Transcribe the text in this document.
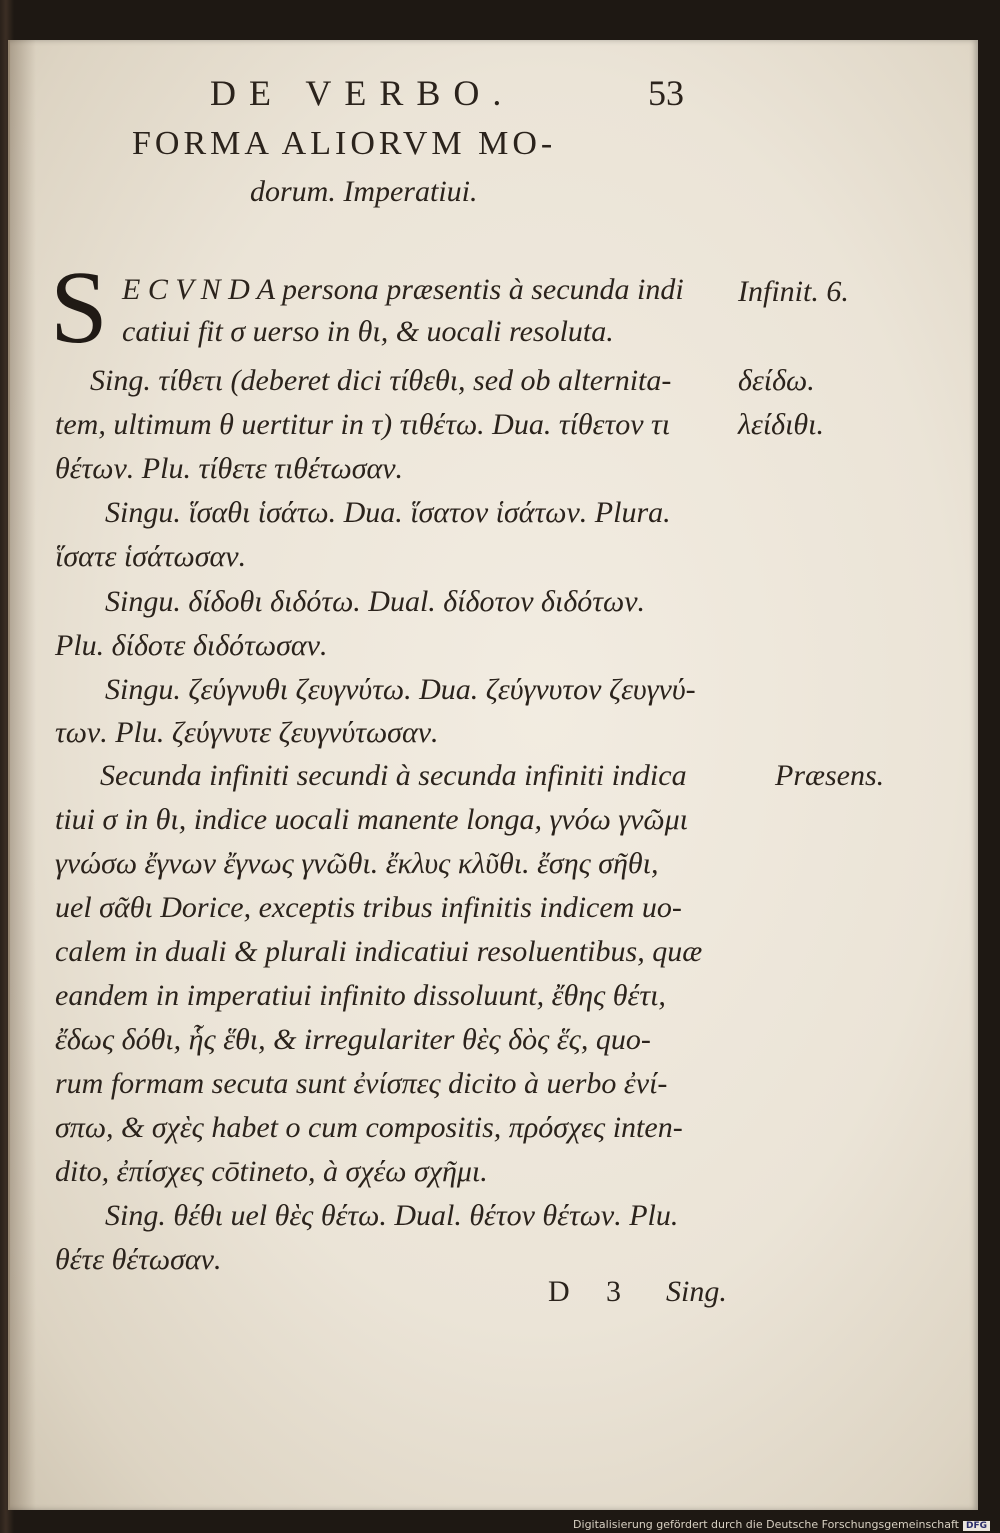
DE VERBO.	53
FORMA ALIORVM MO-
dorum. Imperatiui.
S E C V N D A persona præsentis à secunda indi
catiui fit σ uerso in θι, & uocali resoluta.
Sing. τίθετι (deberet dici τίθεθι, sed ob alternita-
tem, ultimum θ uertitur in τ) τιθέτω. Dua. τίθετον τι
θέτων. Plu. τίθετε τιθέτωσαν.
Singu. ἵσαθι ἱσάτω. Dua. ἵσατον ἱσάτων. Plura.
ἵσατε ἱσάτωσαν.
Singu. δίδοθι διδότω. Dual. δίδοτον διδότων.
Plu. δίδοτε διδότωσαν.
Singu. ζεύγνυθι ζευγνύτω. Dua. ζεύγνυτον ζευγνύ-
των. Plu. ζεύγνυτε ζευγνύτωσαν.
Secunda infiniti secundi à secunda infiniti indica
tiui σ in θι, indice uocali manente longa, γνόω γνῶμι
γνώσω ἔγνων ἔγνως γνῶθι. ἔκλυς κλῦθι. ἔσης σῆθι,
uel σᾶθι Dorice, exceptis tribus infinitis indicem uo-
calem in duali & plurali indicatiui resoluentibus, quæ
eandem in imperatiui infinito dissoluunt, ἔθης θέτι,
ἔδως δόθι, ἧς ἕθι, & irregulariter θὲς δὸς ἕς, quo-
rum formam secuta sunt ἐνίσπες dicito à uerbo ἐνί-
σπω, & σχὲς habet o cum compositis, πρόσχες inten-
dito, ἐπίσχες cōtineto, à σχέω σχῆμι.
Sing. θέθι uel θὲς θέτω. Dual. θέτον θέτων. Plu.
θέτε θέτωσαν.
Infinit. 6.
δείδω.
λείδιθι.
Præsens.
D 3 Sing.
Digitalisierung gefördert durch die Deutsche Forschungsgemeinschaft DFG
